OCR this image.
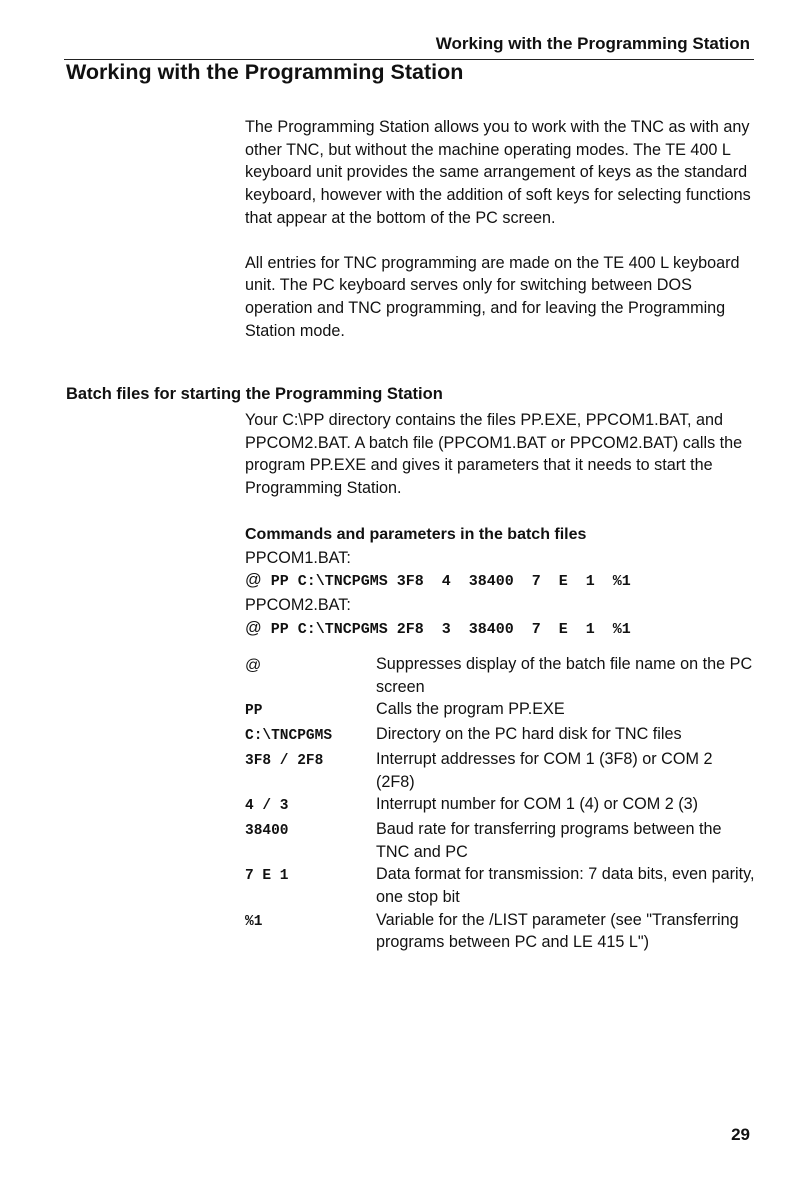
Working with the Programming Station
Working with the Programming Station

The Programming Station allows you to work with the TNC as with any other TNC, but without the machine operating modes. The TE 400 L keyboard unit provides the same arrangement of keys as the standard keyboard, however with the addition of soft keys for selecting functions that appear at the bottom of the PC screen.

All entries for TNC programming are made on the TE 400 L keyboard unit. The PC keyboard serves only for switching between DOS operation and TNC programming, and for leaving the Programming Station mode.

Batch files for starting the Programming Station

Your C:\PP directory contains the files PP.EXE, PPCOM1.BAT, and PPCOM2.BAT. A batch file (PPCOM1.BAT or PPCOM2.BAT) calls the program PP.EXE and gives it parameters that it needs to start the Programming Station.

Commands and parameters in the batch files
PPCOM1.BAT:
@ PP C:\TNCPGMS 3F8  4  38400  7  E  1  %1
PPCOM2.BAT:
@ PP C:\TNCPGMS 2F8  3  38400  7  E  1  %1
@	Suppresses display of the batch file name on the PC screen
PP	Calls the program PP.EXE
C:\TNCPGMS	Directory on the PC hard disk for TNC files
3F8 / 2F8	Interrupt addresses for COM 1 (3F8) or COM 2 (2F8)
4 / 3	Interrupt number for COM 1 (4) or COM 2 (3)
38400	Baud rate for transferring programs between the TNC and PC
7 E 1	Data format for transmission: 7 data bits, even parity, one stop bit
%1	Variable for the /LIST parameter (see "Transferring programs between PC and LE 415 L")
29
